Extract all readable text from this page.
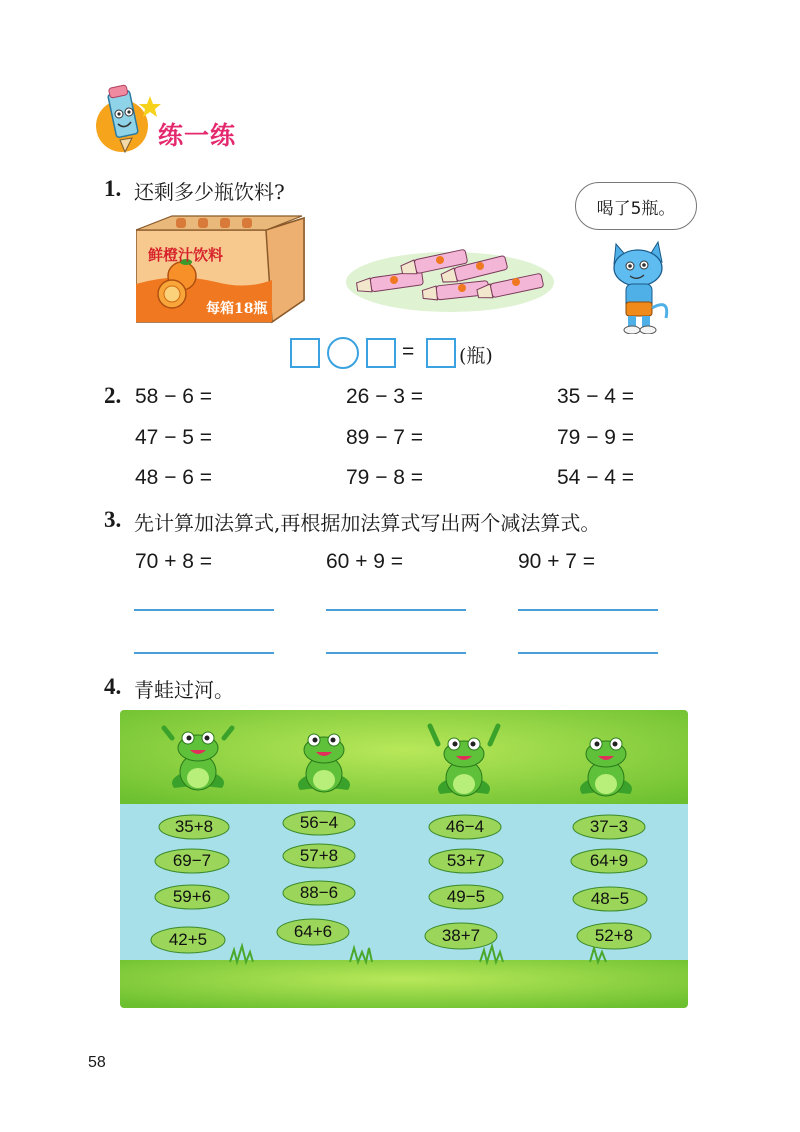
练一练
1. 还剩多少瓶饮料?
鲜橙汁饮料
每箱18瓶
喝了5瓶。
= (瓶)
2. 58 − 6 =	26 − 3 =	35 − 4 =
47 − 5 =	89 − 7 =	79 − 9 =
48 − 6 =	79 − 8 =	54 − 4 =
3. 先计算加法算式,再根据加法算式写出两个减法算式。
70 + 8 =	60 + 9 =	90 + 7 =
4. 青蛙过河。
35+8
69−7
59+6
42+5
56−4
57+8
88−6
64+6
46−4
53+7
49−5
38+7
37−3
64+9
48−5
52+8
58
